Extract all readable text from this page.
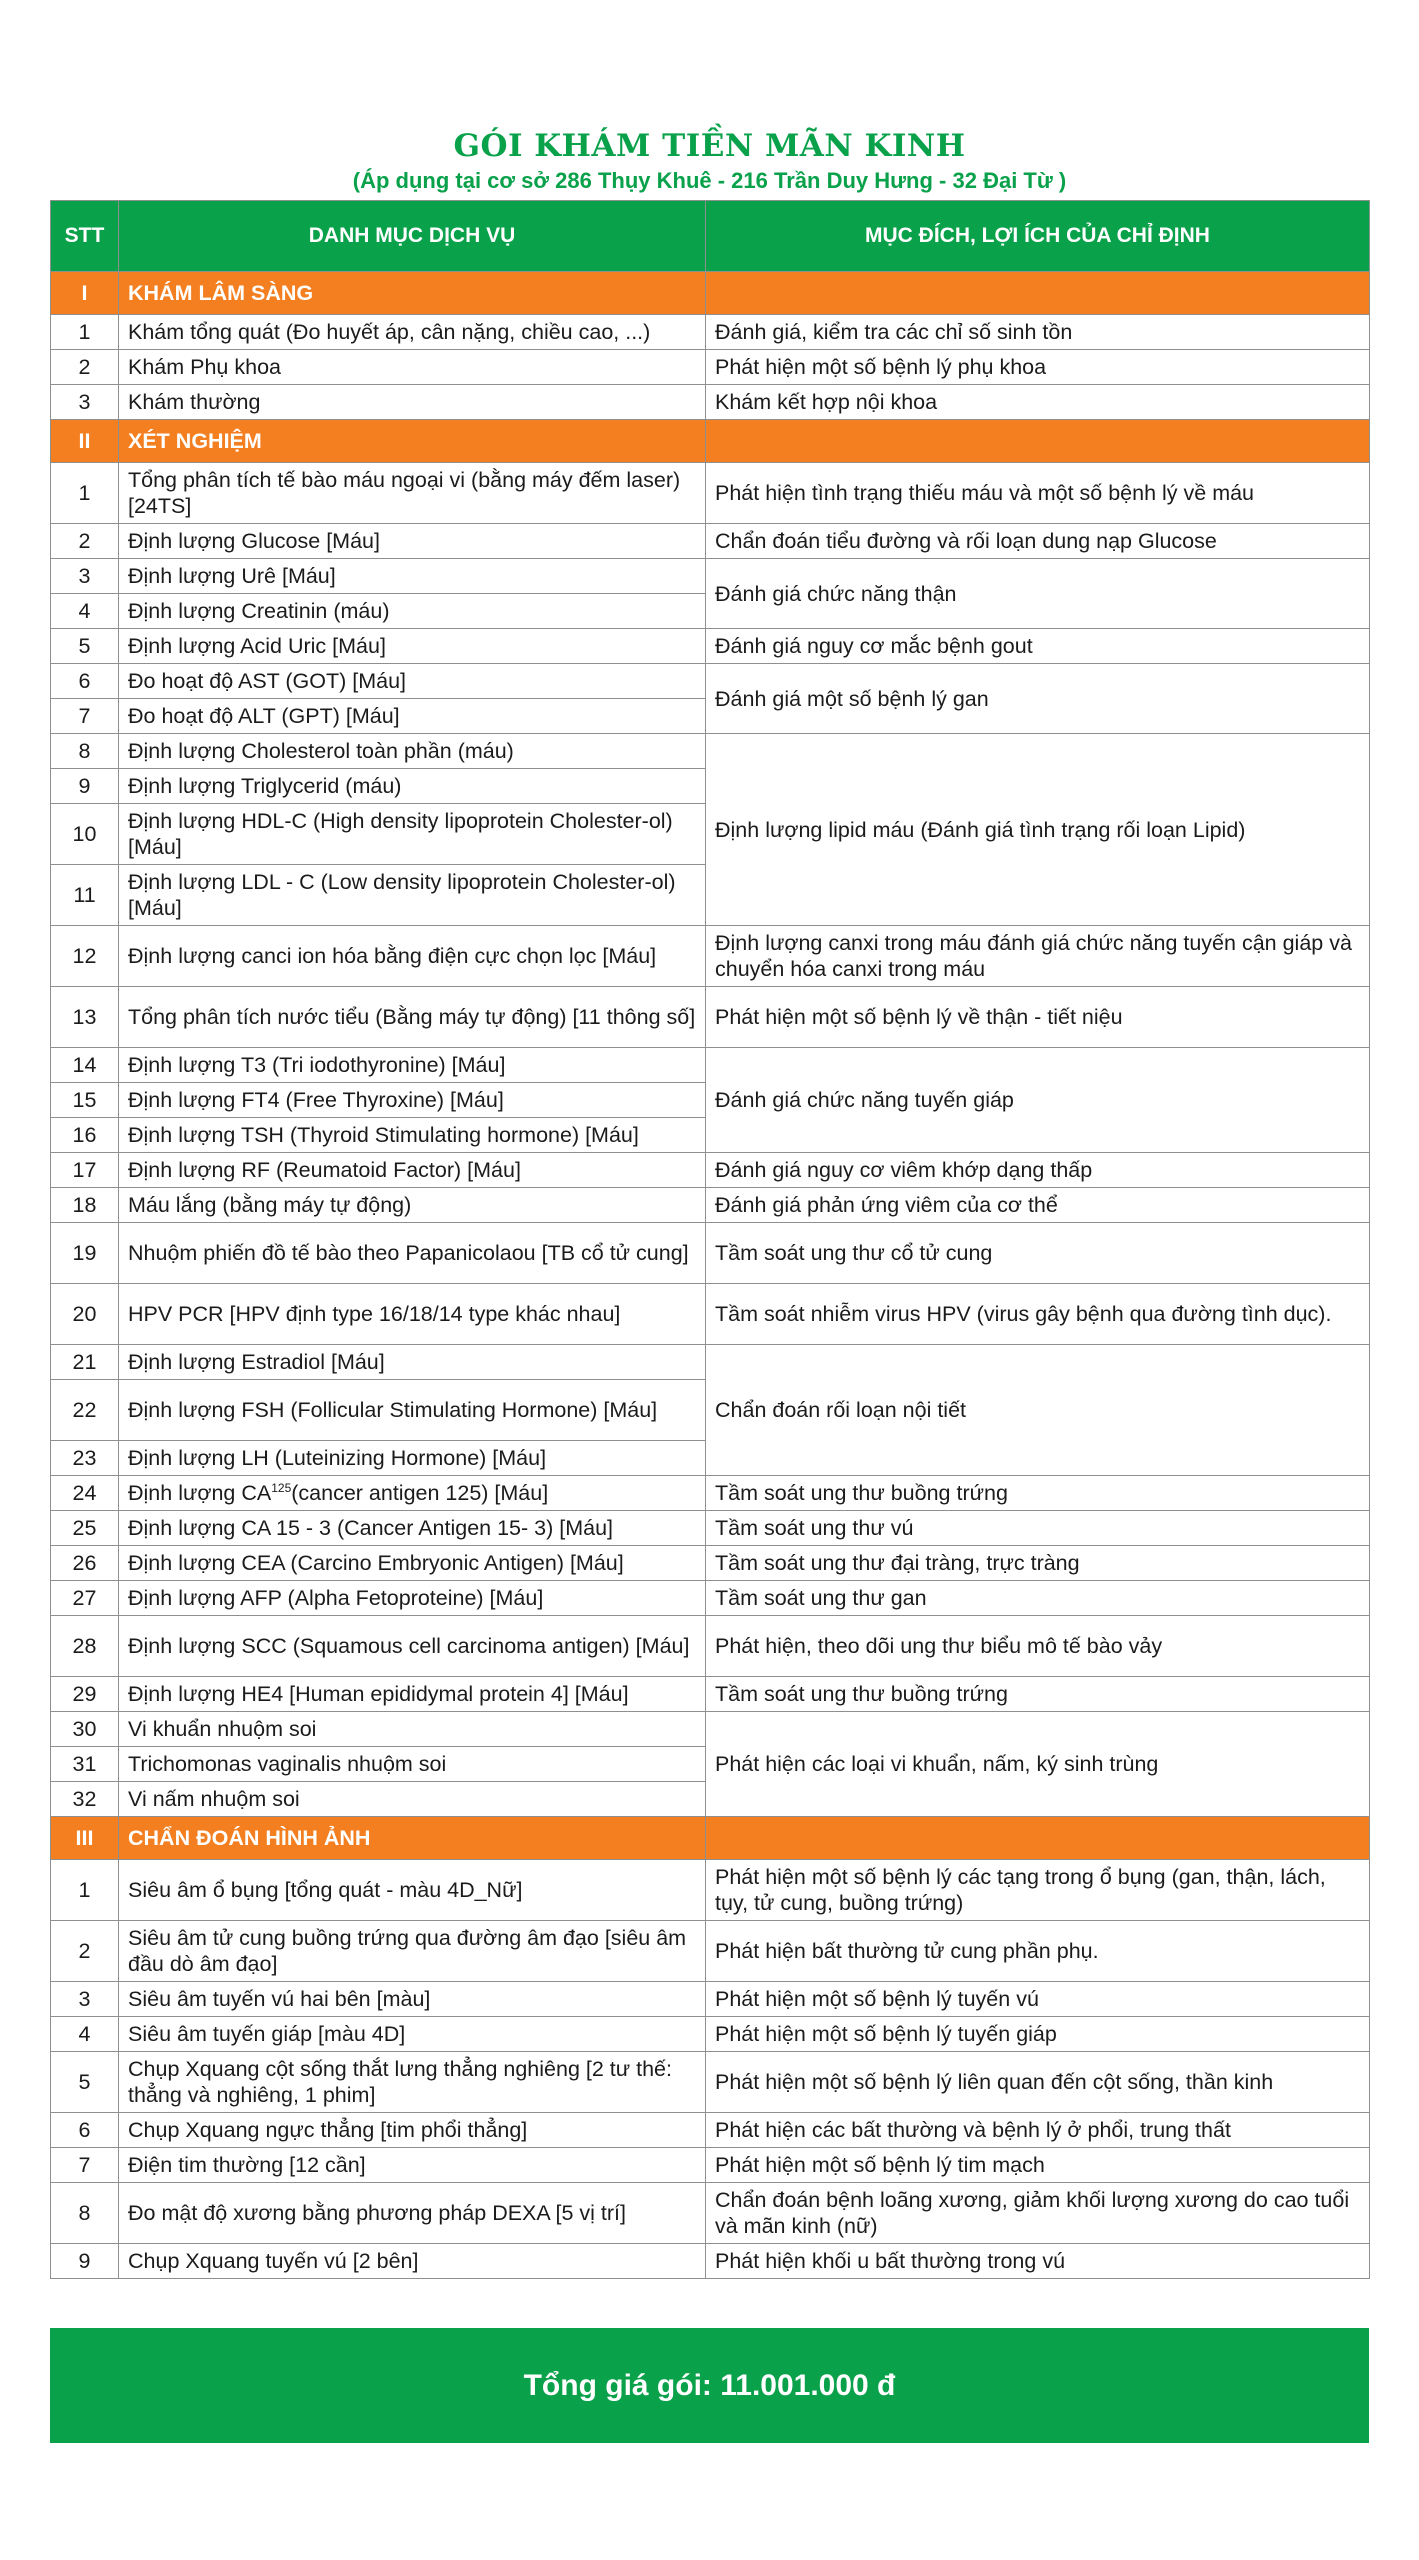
GÓI KHÁM TIỀN MÃN KINH
(Áp dụng tại cơ sở 286 Thụy Khuê - 216 Trần Duy Hưng - 32 Đại Từ )
STT	DANH MỤC DỊCH VỤ	MỤC ĐÍCH, LỢI ÍCH CỦA CHỈ ĐỊNH
I	KHÁM LÂM SÀNG	
1	Khám tổng quát (Đo huyết áp, cân nặng, chiều cao, ...)	Đánh giá, kiểm tra các chỉ số sinh tồn
2	Khám Phụ khoa	Phát hiện một số bệnh lý phụ khoa
3	Khám thường	Khám kết hợp nội khoa
II	XÉT NGHIỆM	
1	Tổng phân tích tế bào máu ngoại vi (bằng máy đếm laser) [24TS]	Phát hiện tình trạng thiếu máu và một số bệnh lý về máu
2	Định lượng Glucose [Máu]	Chẩn đoán tiểu đường và rối loạn dung nạp Glucose
3	Định lượng Urê [Máu]	Đánh giá chức năng thận
4	Định lượng Creatinin (máu)	
5	Định lượng Acid Uric [Máu]	Đánh giá nguy cơ mắc bệnh gout
6	Đo hoạt độ AST (GOT) [Máu]	Đánh giá một số bệnh lý gan
7	Đo hoạt độ ALT (GPT) [Máu]	
8	Định lượng Cholesterol toàn phần (máu)	Định lượng lipid máu (Đánh giá tình trạng rối loạn Lipid)
9	Định lượng Triglycerid (máu)	
10	Định lượng HDL-C (High density lipoprotein Cholester-ol) [Máu]	
11	Định lượng LDL - C (Low density lipoprotein Cholester-ol) [Máu]	
12	Định lượng canci ion hóa bằng điện cực chọn lọc [Máu]	Định lượng canxi trong máu đánh giá chức năng tuyến cận giáp và chuyển hóa canxi trong máu
13	Tổng phân tích nước tiểu (Bằng máy tự động) [11 thông số]	Phát hiện một số bệnh lý về thận - tiết niệu
14	Định lượng T3 (Tri iodothyronine) [Máu]	Đánh giá chức năng tuyến giáp
15	Định lượng FT4 (Free Thyroxine) [Máu]	
16	Định lượng TSH (Thyroid Stimulating hormone) [Máu]	
17	Định lượng RF (Reumatoid Factor) [Máu]	Đánh giá nguy cơ viêm khớp dạng thấp
18	Máu lắng (bằng máy tự động)	Đánh giá phản ứng viêm của cơ thể
19	Nhuộm phiến đồ tế bào theo Papanicolaou [TB cổ tử cung]	Tầm soát ung thư cổ tử cung
20	HPV PCR [HPV định type 16/18/14 type khác nhau]	Tầm soát nhiễm virus HPV (virus gây bệnh qua đường tình dục).
21	Định lượng Estradiol [Máu]	Chẩn đoán rối loạn nội tiết
22	Định lượng FSH (Follicular Stimulating Hormone) [Máu]	
23	Định lượng LH (Luteinizing Hormone) [Máu]	
24	Định lượng CA$^{125}$(cancer antigen 125) [Máu]	Tầm soát ung thư buồng trứng
25	Định lượng CA 15 - 3 (Cancer Antigen 15- 3) [Máu]	Tầm soát ung thư vú
26	Định lượng CEA (Carcino Embryonic Antigen) [Máu]	Tầm soát ung thư đại tràng, trực tràng
27	Định lượng AFP (Alpha Fetoproteine) [Máu]	Tầm soát ung thư gan
28	Định lượng SCC (Squamous cell carcinoma antigen) [Máu]	Phát hiện, theo dõi ung thư biểu mô tế bào vảy
29	Định lượng HE4 [Human epididymal protein 4] [Máu]	Tầm soát ung thư buồng trứng
30	Vi khuẩn nhuộm soi	Phát hiện các loại vi khuẩn, nấm, ký sinh trùng
31	Trichomonas vaginalis nhuộm soi	
32	Vi nấm nhuộm soi	
III	CHẨN ĐOÁN HÌNH ẢNH	
1	Siêu âm ổ bụng [tổng quát - màu 4D_Nữ]	Phát hiện một số bệnh lý các tạng trong ổ bụng (gan, thận, lách, tụy, tử cung, buồng trứng)
2	Siêu âm tử cung buồng trứng qua đường âm đạo [siêu âm đầu dò âm đạo]	Phát hiện bất thường tử cung phần phụ.
3	Siêu âm tuyến vú hai bên [màu]	Phát hiện một số bệnh lý tuyến vú
4	Siêu âm tuyến giáp [màu 4D]	Phát hiện một số bệnh lý tuyến giáp
5	Chụp Xquang cột sống thắt lưng thẳng nghiêng [2 tư thế: thẳng và nghiêng, 1 phim]	Phát hiện một số bệnh lý liên quan đến cột sống, thần kinh
6	Chụp Xquang ngực thẳng [tim phổi thẳng]	Phát hiện các bất thường và bệnh lý ở phổi, trung thất
7	Điện tim thường [12 cần]	Phát hiện một số bệnh lý tim mạch
8	Đo mật độ xương bằng phương pháp DEXA [5 vị trí]	Chẩn đoán bệnh loãng xương, giảm khối lượng xương do cao tuổi và mãn kinh (nữ)
9	Chụp Xquang tuyến vú [2 bên]	Phát hiện khối u bất thường trong vú
Tổng giá gói: 11.001.000 đ
